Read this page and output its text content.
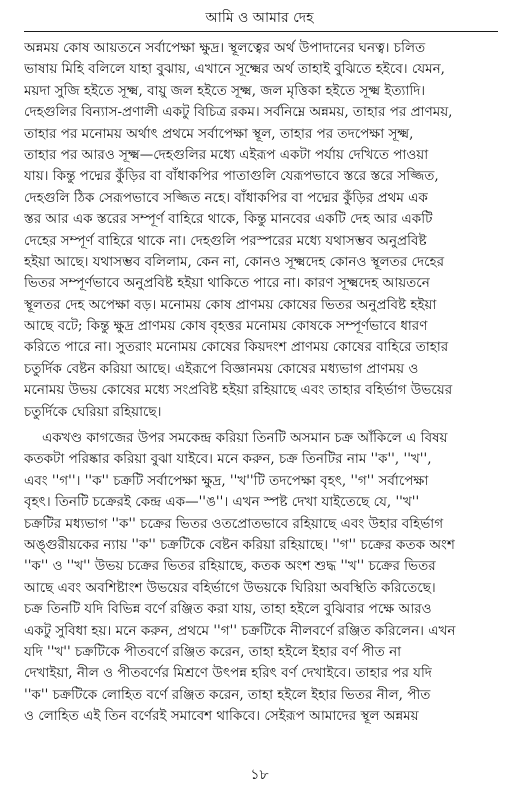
আমি ও আমার দেহ
অন্নময় কোষ আয়তনে সর্বাপেক্ষা ক্ষুদ্র। স্থূলত্বের অর্থ উপাদানের ঘনত্ব। চলিত
ভাষায় মিহি বলিলে যাহা বুঝায়, এখানে সূক্ষ্মের অর্থ তাহাই বুঝিতে হইবে। যেমন,
ময়দা সুজি হইতে সূক্ষ্ম, বায়ু জল হইতে সূক্ষ্ম, জল মৃত্তিকা হইতে সূক্ষ্ম ইত্যাদি।
দেহগুলির বিন্যাস-প্রণালী একটু বিচিত্র রকম। সর্বনিম্নে অন্নময়, তাহার পর প্রাণময়,
তাহার পর মনোময় অর্থাৎ প্রথমে সর্বাপেক্ষা স্থূল, তাহার পর তদপেক্ষা সূক্ষ্ম,
তাহার পর আরও সূক্ষ্ম—দেহগুলির মধ্যে এইরূপ একটা পর্যায় দেখিতে পাওয়া
যায়। কিন্তু পদ্মের কুঁড়ির বা বাঁধাকপির পাতাগুলি যেরূপভাবে স্তরে স্তরে সজ্জিত,
দেহগুলি ঠিক সেরূপভাবে সজ্জিত নহে। বাঁধাকপির বা পদ্মের কুঁড়ির প্রথম এক
স্তর আর এক স্তরের সম্পূর্ণ বাহিরে থাকে, কিন্তু মানবের একটি দেহ আর একটি
দেহের সম্পূর্ণ বাহিরে থাকে না। দেহগুলি পরস্পরের মধ্যে যথাসম্ভব অনুপ্রবিষ্ট
হইয়া আছে। যথাসম্ভব বলিলাম, কেন না, কোনও সূক্ষ্মদেহ কোনও স্থূলতর দেহের
ভিতর সম্পূর্ণভাবে অনুপ্রবিষ্ট হইয়া থাকিতে পারে না। কারণ সূক্ষ্মদেহ আয়তনে
স্থূলতর দেহ অপেক্ষা বড়। মনোময় কোষ প্রাণময় কোষের ভিতর অনুপ্রবিষ্ট হইয়া
আছে বটে; কিন্তু ক্ষুদ্র প্রাণময় কোষ বৃহত্তর মনোময় কোষকে সম্পূর্ণভাবে ধারণ
করিতে পারে না। সুতরাং মনোময় কোষের কিয়দংশ প্রাণময় কোষের বাহিরে তাহার
চতুর্দিক বেষ্টন করিয়া আছে। এইরূপে বিজ্ঞানময় কোষের মধ্যভাগ প্রাণময় ও
মনোময় উভয় কোষের মধ্যে সংপ্রবিষ্ট হইয়া রহিয়াছে এবং তাহার বহির্ভাগ উভয়ের
চতুর্দিকে ঘেরিয়া রহিয়াছে।
একখণ্ড কাগজের উপর সমকেন্দ্র করিয়া তিনটি অসমান চক্র আঁকিলে এ বিষয়
কতকটা পরিষ্কার করিয়া বুঝা যাইবে। মনে করুন, চক্র তিনটির নাম ''ক'', ''খ'',
এবং ''গ''। ''ক'' চক্রটি সর্বাপেক্ষা ক্ষুদ্র, ''খ''টি তদপেক্ষা বৃহৎ, ''গ'' সর্বাপেক্ষা
বৃহৎ। তিনটি চক্রেরই কেন্দ্র এক—''ঙ''। এখন স্পষ্ট দেখা যাইতেছে যে, ''খ''
চক্রটির মধ্যভাগ ''ক'' চক্রের ভিতর ওতপ্রোতভাবে রহিয়াছে এবং উহার বহির্ভাগ
অঙ্গুরীয়কের ন্যায় ''ক'' চক্রটিকে বেষ্টন করিয়া রহিয়াছে। ''গ'' চক্রের কতক অংশ
''ক'' ও ''খ'' উভয় চক্রের ভিতর রহিয়াছে, কতক অংশ শুদ্ধ ''খ'' চক্রের ভিতর
আছে এবং অবশিষ্টাংশ উভয়ের বহির্ভাগে উভয়কে ঘিরিয়া অবস্থিতি করিতেছে।
চক্র তিনটি যদি বিভিন্ন বর্ণে রঞ্জিত করা যায়, তাহা হইলে বুঝিবার পক্ষে আরও
একটু সুবিধা হয়। মনে করুন, প্রথমে ''গ'' চক্রটিকে নীলবর্ণে রঞ্জিত করিলেন। এখন
যদি ''খ'' চক্রটিকে পীতবর্ণে রঞ্জিত করেন, তাহা হইলে ইহার বর্ণ পীত না
দেখাইয়া, নীল ও পীতবর্ণের মিশ্রণে উৎপন্ন হরিৎ বর্ণ দেখাইবে। তাহার পর যদি
''ক'' চক্রটিকে লোহিত বর্ণে রঞ্জিত করেন, তাহা হইলে ইহার ভিতর নীল, পীত
ও লোহিত এই তিন বর্ণেরই সমাবেশ থাকিবে। সেইরূপ আমাদের স্থূল অন্নময়
১৮
